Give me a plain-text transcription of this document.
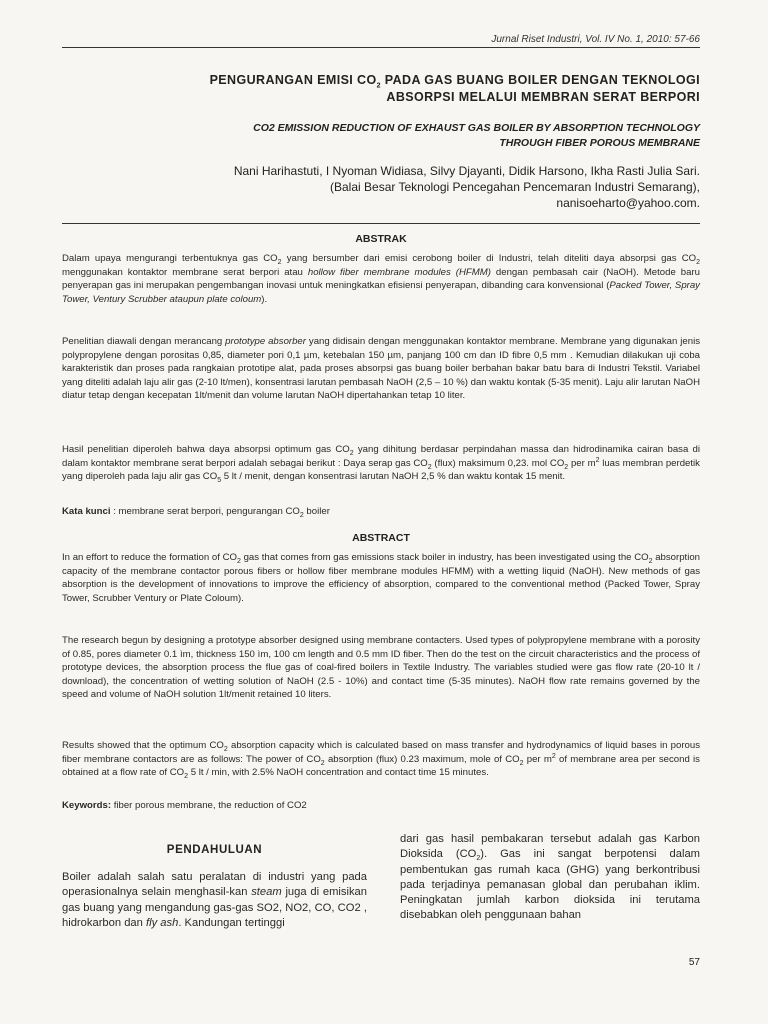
Jurnal Riset Industri, Vol. IV No. 1, 2010: 57-66
PENGURANGAN EMISI $CO_2$ PADA GAS BUANG BOILER DENGAN TEKNOLOGI
ABSORPSI MELALUI MEMBRAN SERAT BERPORI
CO2 EMISSION REDUCTION OF EXHAUST GAS BOILER BY ABSORPTION TECHNOLOGY
THROUGH FIBER POROUS MEMBRANE
Nani Harihastuti, I Nyoman Widiasa, Silvy Djayanti, Didik Harsono, Ikha Rasti Julia Sari.
(Balai Besar Teknologi Pencegahan Pencemaran Industri Semarang),
nanisoeharto@yahoo.com.
ABSTRAK
Dalam upaya mengurangi terbentuknya gas $CO_2$ yang bersumber dari emisi cerobong boiler di Industri, telah diteliti daya absorpsi gas $CO_2$ menggunakan kontaktor membrane serat berpori atau hollow fiber membrane modules (HFMM) dengan pembasah cair (NaOH). Metode baru penyerapan gas ini merupakan pengembangan inovasi untuk meningkatkan efisiensi penyerapan, dibanding cara konvensional (Packed Tower, Spray Tower, Ventury Scrubber ataupun plate coloum).
Penelitian diawali dengan merancang prototype absorber yang didisain dengan menggunakan kontaktor membrane. Membrane yang digunakan jenis polypropylene dengan porositas 0,85, diameter pori 0,1 µm, ketebalan 150 µm, panjang 100 cm dan ID fibre 0,5 mm . Kemudian dilakukan uji coba karakteristik dan proses pada rangkaian prototipe alat, pada proses absorpsi gas buang boiler berbahan bakar batu bara di Industri Tekstil. Variabel yang diteliti adalah laju alir gas (2-10 lt/men), konsentrasi larutan pembasah NaOH (2,5 – 10 %) dan waktu kontak (5-35 menit). Laju alir larutan NaOH diatur tetap dengan kecepatan 1lt/menit dan volume larutan NaOH dipertahankan tetap 10 liter.
Hasil penelitian diperoleh bahwa daya absorpsi optimum gas $CO_2$ yang dihitung berdasar perpindahan massa dan hidrodinamika cairan basa di dalam kontaktor membrane serat berpori adalah sebagai berikut : Daya serap gas $CO_2$ (flux) maksimum 0,23. mol $CO_2$ per $m^2$ luas membran perdetik yang diperoleh pada laju alir gas $CO_5$ 5 lt / menit, dengan konsentrasi larutan NaOH 2,5 % dan waktu kontak 15 menit.
Kata kunci : membrane serat berpori, pengurangan $CO_2$ boiler
ABSTRACT
In an effort to reduce the formation of $CO_2$ gas that comes from gas emissions stack boiler in industry, has been investigated using the $CO_2$ absorption capacity of the membrane contactor porous fibers or hollow fiber membrane modules HFMM) with a wetting liquid (NaOH). New methods of gas absorption is the development of innovations to improve the efficiency of absorption, compared to the conventional method (Packed Tower, Spray Tower, Scrubber Ventury or Plate Coloum).
The research begun by designing a prototype absorber designed using membrane contacters. Used types of polypropylene membrane with a porosity of 0.85, pores diameter 0.1 ìm, thickness 150 ìm, 100 cm length and 0.5 mm ID fiber. Then do the test on the circuit characteristics and the process of prototype devices, the absorption process the flue gas of coal-fired boilers in Textile Industry. The variables studied were gas flow rate (20-10 lt / download), the concentration of wetting solution of NaOH (2.5 - 10%) and contact time (5-35 minutes). NaOH flow rate remains governed by the speed and volume of NaOH solution 1lt/menit retained 10 liters.
Results showed that the optimum $CO_2$ absorption capacity which is calculated based on mass transfer and hydrodynamics of liquid bases in porous fiber membrane contactors are as follows: The power of $CO_2$ absorption (flux) 0.23 maximum, mole of $CO_2$ per $m^2$ of membrane area per second is obtained at a flow rate of $CO_2$ 5 lt / min, with 2.5% NaOH concentration and contact time 15 minutes.
Keywords: fiber porous membrane, the reduction of CO2
PENDAHULUAN
Boiler adalah salah satu peralatan di industri yang pada operasionalnya selain menghasil-kan steam juga di emisikan gas buang yang mengandung gas-gas SO2, NO2, CO, CO2 , hidrokarbon dan fly ash. Kandungan tertinggi
dari gas hasil pembakaran tersebut adalah gas Karbon Dioksida $(CO_2)$. Gas ini sangat berpotensi dalam pembentukan gas rumah kaca (GHG) yang berkontribusi pada terjadinya pemanasan global dan perubahan iklim. Peningkatan jumlah karbon dioksida ini terutama disebabkan oleh penggunaan bahan
57
